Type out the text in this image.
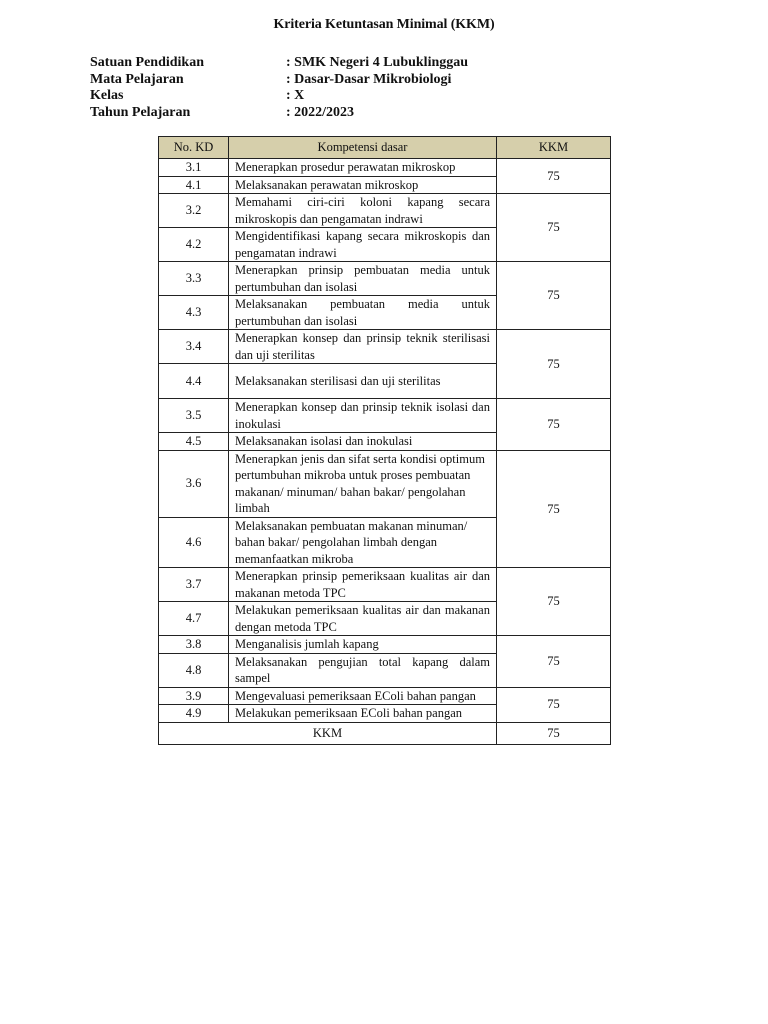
Kriteria Ketuntasan Minimal (KKM)
Satuan Pendidikan	: SMK Negeri 4 Lubuklinggau
Mata Pelajaran	: Dasar-Dasar Mikrobiologi
Kelas	: X
Tahun Pelajaran	: 2022/2023
No. KD	Kompetensi dasar	KKM
3.1	Menerapkan prosedur perawatan mikroskop	75
4.1	Melaksanakan perawatan mikroskop	
3.2	Memahami ciri-ciri koloni kapang secara mikroskopis dan pengamatan indrawi	75
4.2	Mengidentifikasi kapang secara mikroskopis dan pengamatan indrawi	
3.3	Menerapkan prinsip pembuatan media untuk pertumbuhan dan isolasi	75
4.3	Melaksanakan pembuatan media untuk pertumbuhan dan isolasi	
3.4	Menerapkan konsep dan prinsip teknik sterilisasi dan uji sterilitas	75
4.4	Melaksanakan sterilisasi dan uji sterilitas	
3.5	Menerapkan konsep dan prinsip teknik isolasi dan inokulasi	75
4.5	Melaksanakan isolasi dan inokulasi	
3.6	Menerapkan jenis dan sifat serta kondisi optimum pertumbuhan mikroba untuk proses pembuatan makanan/ minuman/ bahan bakar/ pengolahan limbah	75
4.6	Melaksanakan pembuatan makanan minuman/ bahan bakar/ pengolahan limbah dengan memanfaatkan mikroba	
3.7	Menerapkan prinsip pemeriksaan kualitas air dan makanan metoda TPC	75
4.7	Melakukan pemeriksaan kualitas air dan makanan dengan metoda TPC	
3.8	Menganalisis jumlah kapang	75
4.8	Melaksanakan pengujian total kapang dalam sampel	
3.9	Mengevaluasi pemeriksaan EColi bahan pangan	75
4.9	Melakukan pemeriksaan EColi bahan pangan	
KKM		75
